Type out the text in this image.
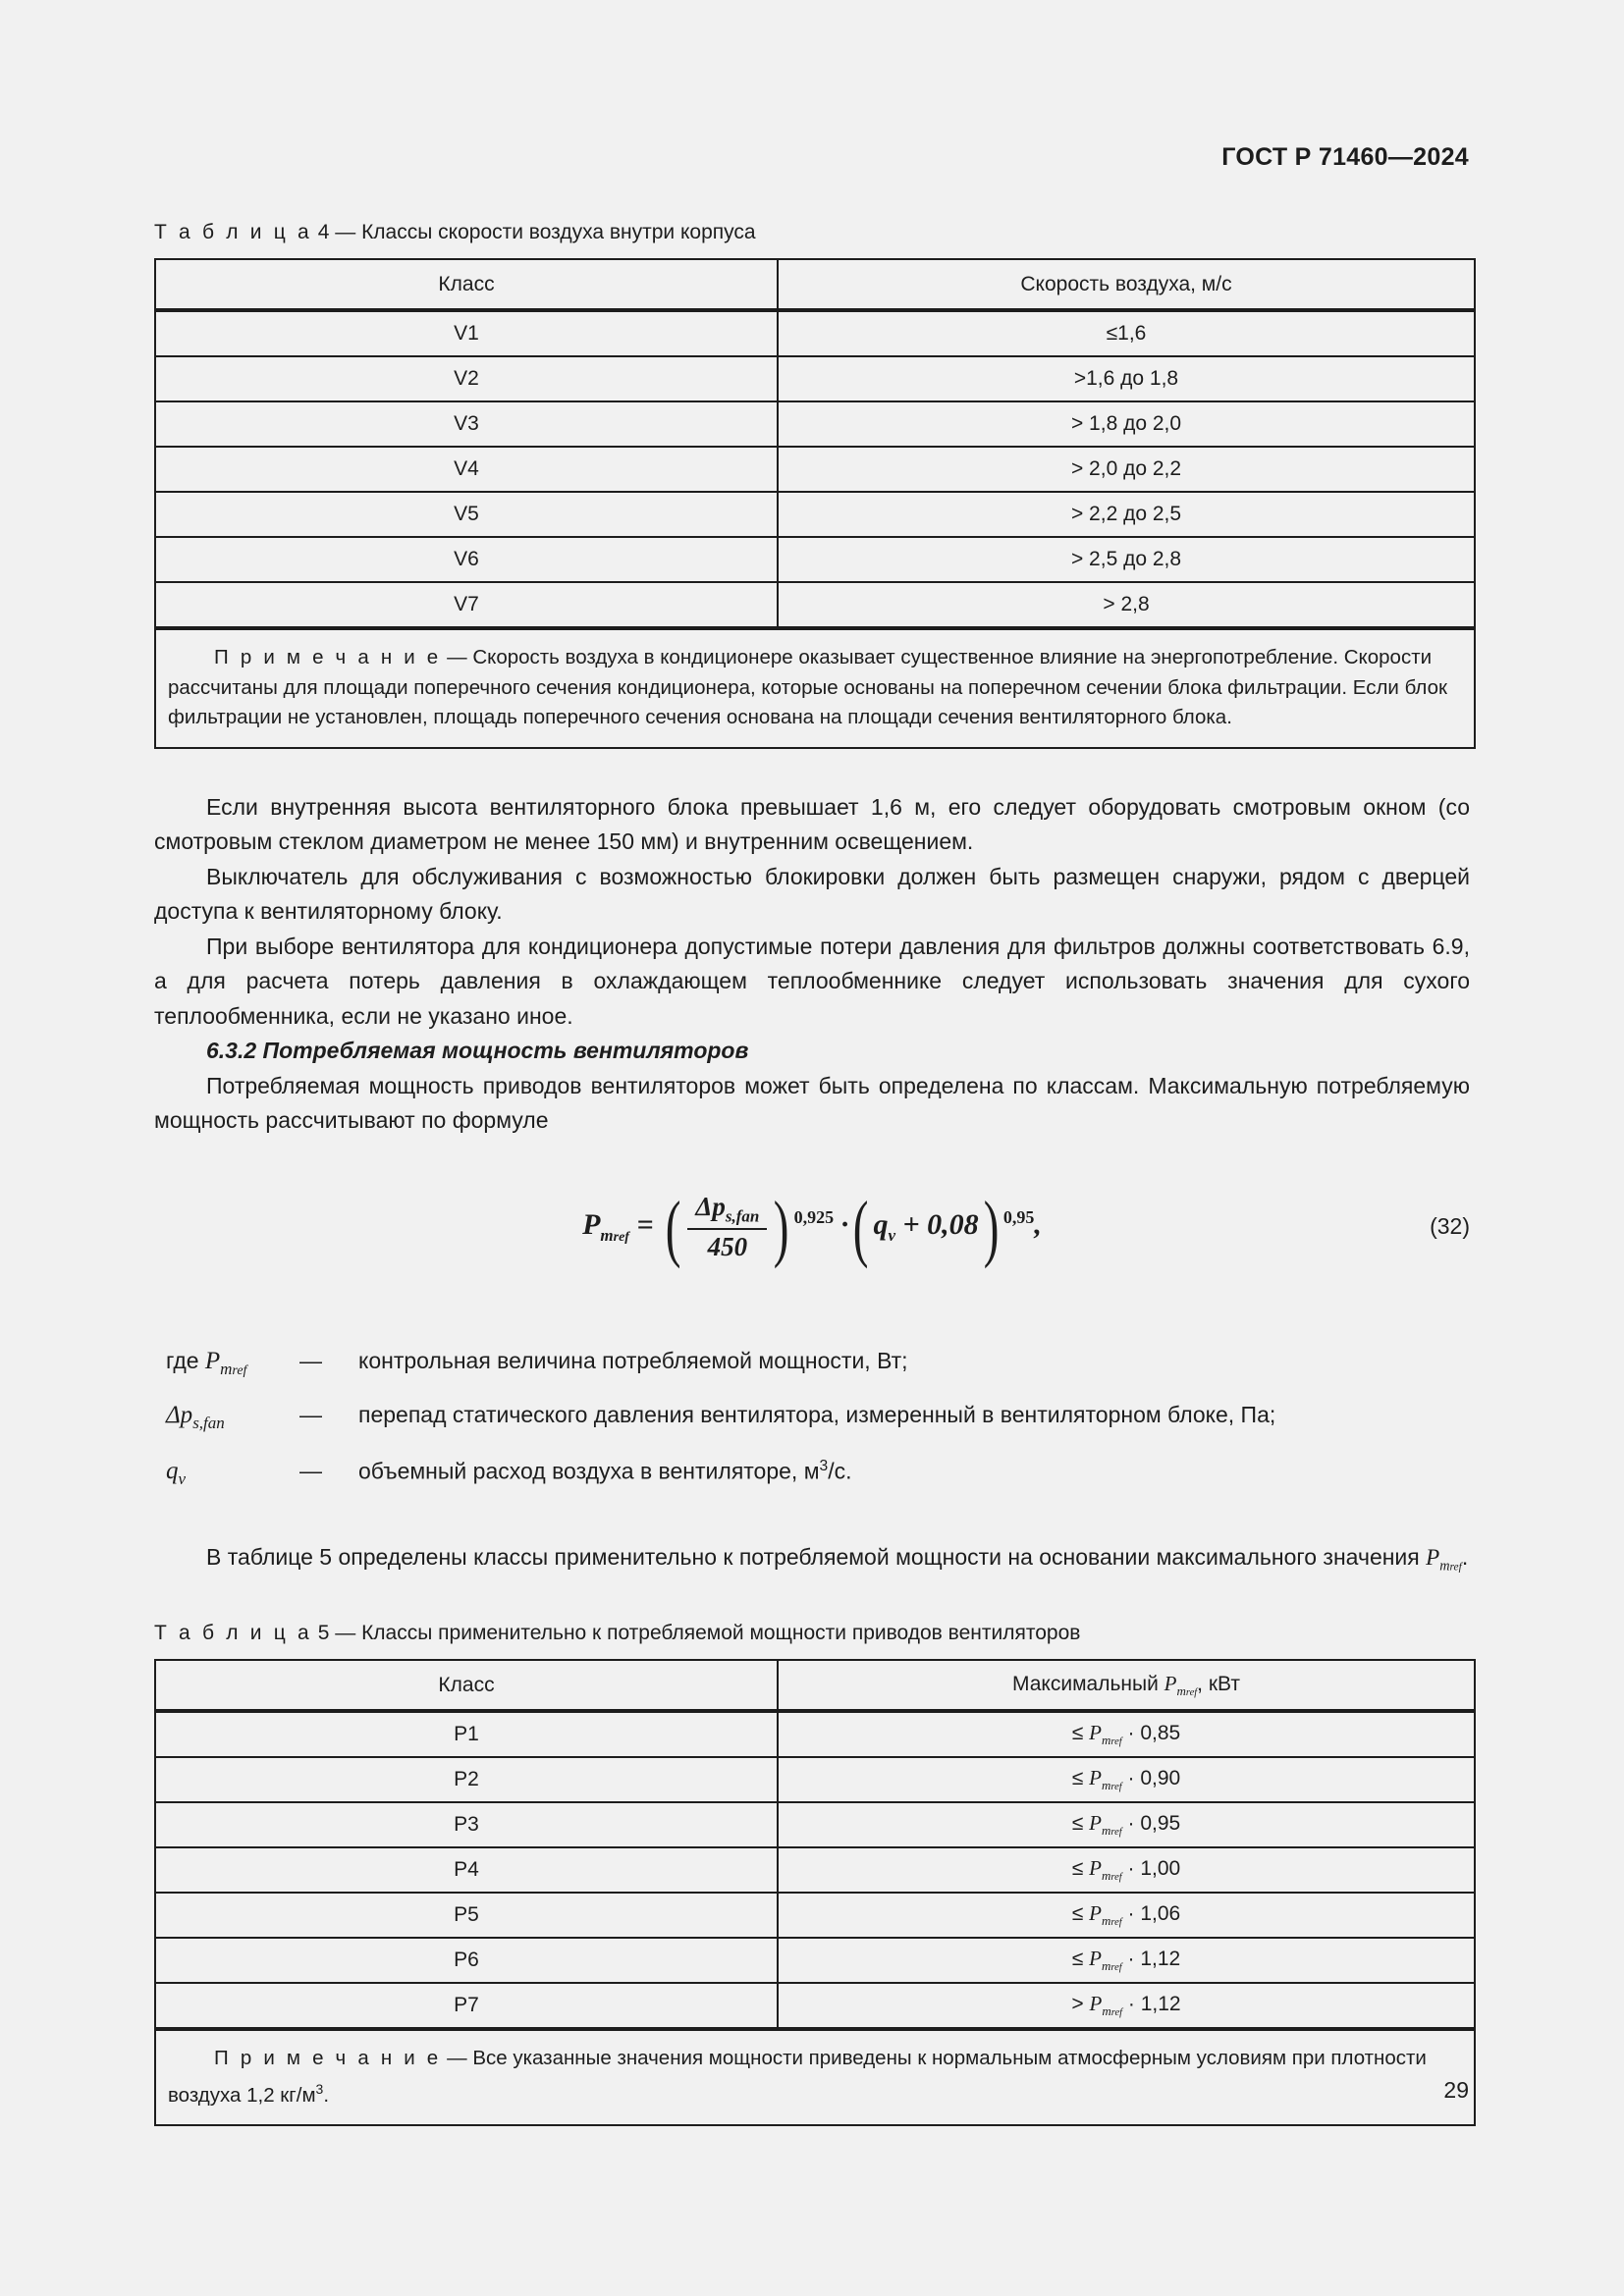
ГОСТ Р 71460—2024
Т а б л и ц а 4 — Классы скорости воздуха внутри корпуса
Класс	Скорость воздуха, м/с
V1	≤1,6
V2	>1,6 до 1,8
V3	> 1,8 до 2,0
V4	> 2,0 до 2,2
V5	> 2,2 до 2,5
V6	> 2,5 до 2,8
V7	> 2,8
П р и м е ч а н и е — Скорость воздуха в кондиционере оказывает существенное влияние на энергопотребление. Скорости рассчитаны для площади поперечного сечения кондиционера, которые основаны на поперечном сечении блока фильтрации. Если блок фильтрации не установлен, площадь поперечного сечения основана на площади сечения вентиляторного блока.	

Если внутренняя высота вентиляторного блока превышает 1,6 м, его следует оборудовать смотровым окном (со смотровым стеклом диаметром не менее 150 мм) и внутренним освещением.

Выключатель для обслуживания с возможностью блокировки должен быть размещен снаружи, рядом с дверцей доступа к вентиляторному блоку.

При выборе вентилятора для кондиционера допустимые потери давления для фильтров должны соответствовать 6.9, а для расчета потерь давления в охлаждающем теплообменнике следует использовать значения для сухого теплообменника, если не указано иное.

6.3.2 Потребляемая мощность вентиляторов

Потребляемая мощность приводов вентиляторов может быть определена по классам. Максимальную потребляемую мощность рассчитывают по формуле

$P_{mref}$ = ( $\frac{\Delta p_{s,fan}}{450}$ ) $^{0,925}$ ·( $q_v + 0,08$) $^{0,95}$,	(32)
где $P_{mref}$	—	контрольная величина потребляемой мощности, Вт;
$\Delta p_{s,fan}$	—	перепад статического давления вентилятора, измеренный в вентиляторном блоке, Па;
$q_v$	—	объемный расход воздуха в вентиляторе, $м^3/с$.

В таблице 5 определены классы применительно к потребляемой мощности на основании максимального значения $P_{mref}$.

Т а б л и ц а 5 — Классы применительно к потребляемой мощности приводов вентиляторов
Класс	Максимальный $P_{mref}$, кВт
P1	≤ $P_{mref} \cdot 0,85$
P2	≤ $P_{mref} \cdot 0,90$
P3	≤ $P_{mref} \cdot 0,95$
P4	≤ $P_{mref} \cdot 1,00$
P5	≤ $P_{mref} \cdot 1,06$
P6	≤ $P_{mref} \cdot 1,12$
P7	> $P_{mref} \cdot 1,12$
П р и м е ч а н и е — Все указанные значения мощности приведены к нормальным атмосферным условиям при плотности воздуха 1,2 $кг/м^3$.		29
